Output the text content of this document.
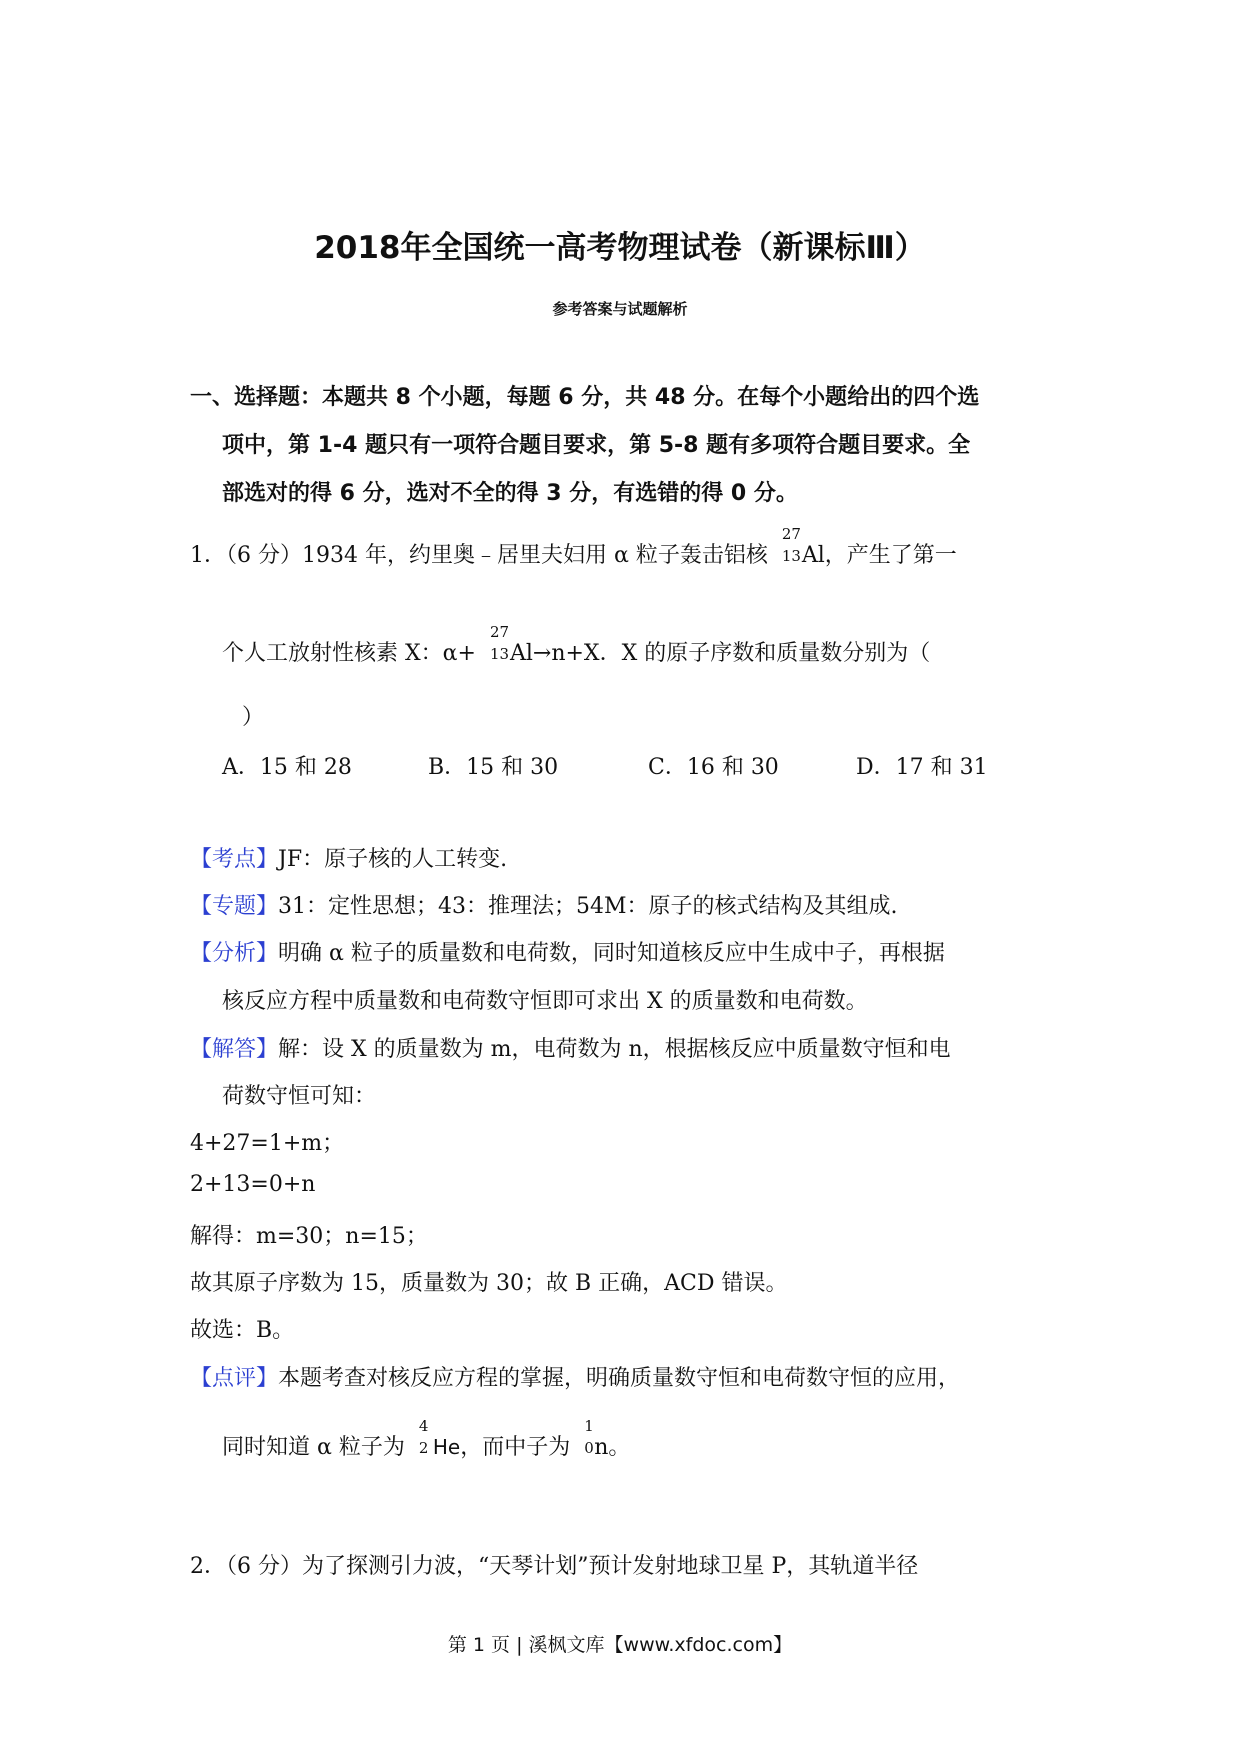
2018年全国统一高考物理试卷（新课标Ⅲ）
参考答案与试题解析
一、选择题：本题共 8 个小题，每题 6 分，共 48 分。在每个小题给出的四个选
项中，第 1-4 题只有一项符合题目要求，第 5-8 题有多项符合题目要求。全
部选对的得 6 分，选对不全的得 3 分，有选错的得 0 分。
1．（6 分）1934 年，约里奥﹣居里夫妇用 α 粒子轰击铝核
27
13 Al，产生了第一
个人工放射性核素 X：α+
27
13 Al→n+X．X 的原子序数和质量数分别为（
）
A．15 和 28	B．15 和 30	C．16 和 30	D．17 和 31
【考点】JF：原子核的人工转变.
【专题】31：定性思想；43：推理法；54M：原子的核式结构及其组成.
【分析】明确 α 粒子的质量数和电荷数，同时知道核反应中生成中子，再根据
核反应方程中质量数和电荷数守恒即可求出 X 的质量数和电荷数。
【解答】解：设 X 的质量数为 m，电荷数为 n，根据核反应中质量数守恒和电
荷数守恒可知：
4+27=1+m；
2+13=0+n
解得：m=30；n=15；
故其原子序数为 15，质量数为 30；故 B 正确，ACD 错误。
故选：B。
【点评】本题考查对核反应方程的掌握，明确质量数守恒和电荷数守恒的应用，
同时知道 α 粒子为
4
2 He，而中子为
1
0 n。
2．（6 分）为了探测引力波，“天琴计划”预计发射地球卫星 P，其轨道半径
第 1 页 | 溪枫文库【www.xfdoc.com】
